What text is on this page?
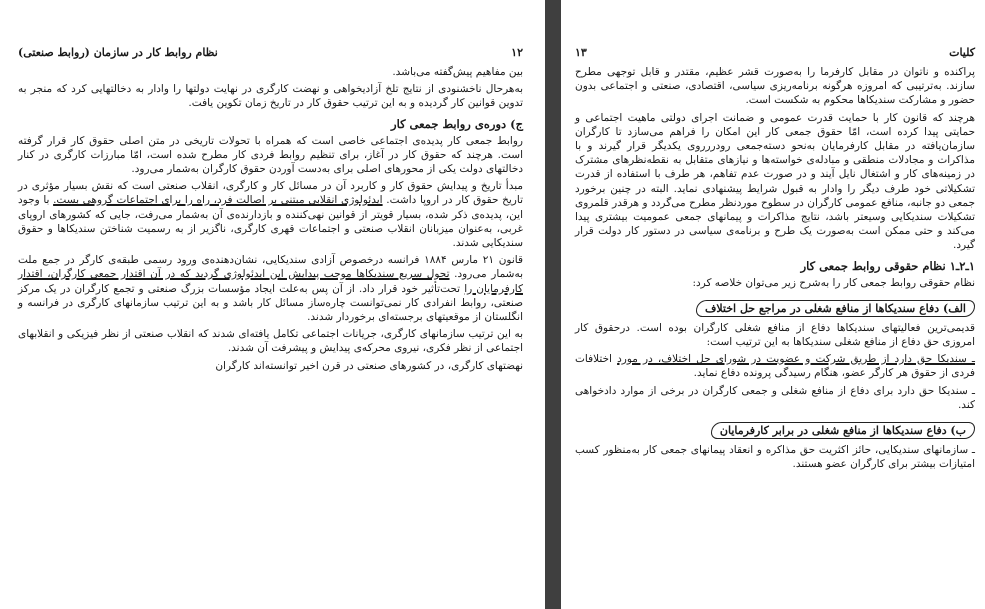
۱۲
نظام روابط کار در سازمان (روابط صنعتی)

بین مفاهیم پیش‌گفته می‌باشد.

به‌هرحال ناخشنودی از نتایج تلخ آزادیخواهی و نهضت کارگری در نهایت دولتها را وادار به دخالتهایی کرد که منجر به تدوین قوانین کار گردیده و به این ترتیب حقوق کار در تاریخ زمان تکوین یافت.

ج) دوره‌ی روابط جمعی کار

روابط جمعی کار پدیده‌ی اجتماعی خاصی است که همراه با تحولات تاریخی در متن اصلی حقوق کار قرار گرفته است. هرچند که حقوق کار در آغاز، برای تنظیم روابط فردی کار مطرح شده است، امّا مبارزات کارگری در کنار دخالتهای دولت یکی از محورهای اصلی برای به‌دست آوردن حقوق کارگران به‌شمار می‌رود.

مبدأ تاریخ و پیدایش حقوق کار و کاربرد آن در مسائل کار و کارگری، انقلاب صنعتی است که نقش بسیار مؤثری در تاریخ حقوق کار در اروپا داشت. ایدئولوژی انقلابی مبتنی بر اصالت فرد، راه را برای اجتماعات گروهی بست. با وجود این، پدیده‌ی ذکر شده، بسیار قویتر از قوانین نهی‌کننده و بازدارنده‌ی آن به‌شمار می‌رفت، جایی که کشورهای اروپای غربی، به‌عنوان میزبانان انقلاب صنعتی و اجتماعات قهری کارگری، ناگزیر از به رسمیت شناختن سندیکاها و حقوق سندیکایی شدند.

قانون ۲۱ مارس ۱۸۸۴ فرانسه درخصوص آزادی سندیکایی، نشان‌دهنده‌ی ورود رسمی طبقه‌ی کارگر در جمع ملت به‌شمار می‌رود. تحول سریع سندیکاها موجب پیدایش این ایدئولوژی گردید که در آن اقتدار جمعی کارگران، اقتدار کارفرمایان را تحت‌تأثیر خود قرار داد. از آن پس به‌علت ایجاد مؤسسات بزرگ صنعتی و تجمع کارگران در یک مرکز صنعتی، روابط انفرادی کار نمی‌توانست چاره‌ساز مسائل کار باشد و به این ترتیب سازمانهای کارگری در فرانسه و انگلستان از موقعیتهای برجسته‌ای برخوردار شدند.

به این ترتیب سازمانهای کارگری، جریانات اجتماعی تکامل یافته‌ای شدند که انقلاب صنعتی از نظر فیزیکی و انقلابهای اجتماعی از نظر فکری، نیروی محرکه‌ی پیدایش و پیشرفت آن شدند.

نهضتهای کارگری، در کشورهای صنعتی در قرن اخیر توانسته‌اند کارگران

کلیات
۱۳

پراکنده و ناتوان در مقابل کارفرما را به‌صورت قشر عظیم، مقتدر و قابل توجهی مطرح سازند. به‌ترتیبی که امروزه هرگونه برنامه‌ریزی سیاسی، اقتصادی، صنعتی و اجتماعی بدون حضور و مشارکت سندیکاها محکوم به شکست است.

هرچند که قانون کار با حمایت قدرت عمومی و ضمانت اجرای دولتی ماهیت اجتماعی و حمایتی پیدا کرده است، امّا حقوق جمعی کار این امکان را فراهم می‌سازد تا کارگران سازمان‌یافته در مقابل کارفرمایان به‌نحو دسته‌جمعی رودررروی یکدیگر قرار گیرند و با مذاکرات و مجادلات منطقی و مبادله‌ی خواسته‌ها و نیازهای متقابل به نقطه‌نظرهای مشترک در زمینه‌های کار و اشتغال نایل آیند و در صورت عدم تفاهم، هر طرف با استفاده از قدرت تشکیلاتی خود طرف دیگر را وادار به قبول شرایط پیشنهادی نماید. البته در چنین برخورد جمعی دو جانبه، منافع عمومی کارگران در سطوح موردنظر مطرح می‌گردد و هرقدر قلمروی تشکیلات سندیکایی وسیعتر باشد، نتایج مذاکرات و پیمانهای جمعی عمومیت بیشتری پیدا می‌کند و حتی ممکن است به‌صورت یک طرح و برنامه‌ی سیاسی در دستور کار دولت قرار گیرد.

۱ـ۲ـ۱ نظام حقوقی روابط جمعی کار

نظام حقوقی روابط جمعی کار را به‌شرح زیر می‌توان خلاصه کرد:

الف) دفاع سندیکاها از منافع شغلی در مراجع حل اختلاف

قدیمی‌ترین فعالیتهای سندیکاها دفاع از منافع شغلی کارگران بوده است. درحقوق کار امروزی حق دفاع از منافع شغلی سندیکاها به این ترتیب است:

ـ سندیکا حق دارد از طریق شرکت و عضویت در شورای حل اختلاف، در مورد اختلافات فردی از حقوق هر کارگر عضو، هنگام رسیدگی پرونده دفاع نماید.

ـ سندیکا حق دارد برای دفاع از منافع شغلی و جمعی کارگران در برخی از موارد دادخواهی کند.

ب) دفاع سندیکاها از منافع شغلی در برابر کارفرمایان

ـ سازمانهای سندیکایی، حائز اکثریت حق مذاکره و انعقاد پیمانهای جمعی کار به‌منظور کسب امتیازات بیشتر برای کارگران عضو هستند.
